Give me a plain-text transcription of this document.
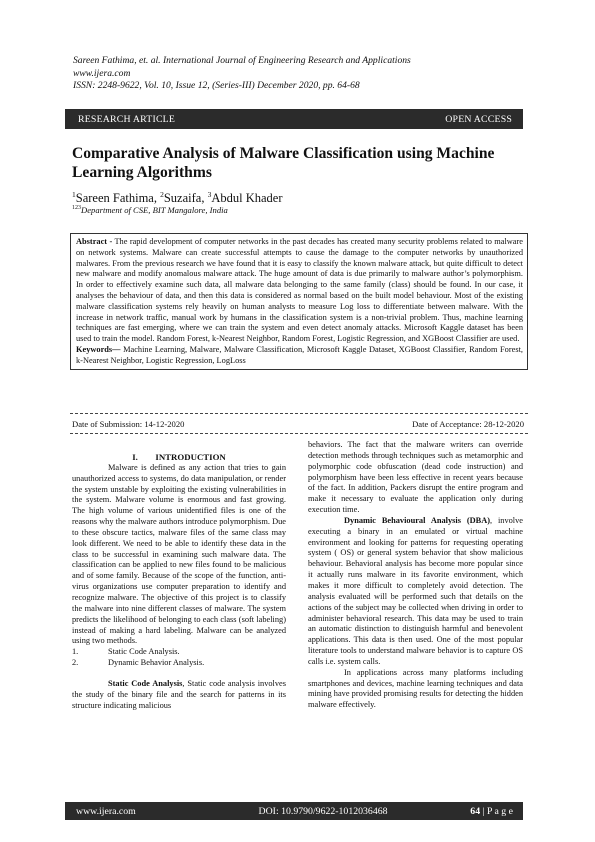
Sareen Fathima, et. al. International Journal of Engineering Research and Applications
www.ijera.com
ISSN: 2248-9622, Vol. 10, Issue 12, (Series-III) December 2020, pp. 64-68
RESEARCH ARTICLE	OPEN ACCESS
Comparative Analysis of Malware Classification using Machine Learning Algorithms
$^1$Sareen Fathima, $^2$Suzaifa, $^3$Abdul Khader
$^{123}$Department of CSE, BIT Mangalore, India
Abstract - The rapid development of computer networks in the past decades has created many security problems related to malware on network systems. Malware can create successful attempts to cause the damage to the computer networks by unauthorized malwares. From the previous research we have found that it is easy to classify the known malware attack, but quite difficult to detect new malware and modify anomalous malware attack. The huge amount of data is due primarily to malware author’s polymorphism. In order to effectively examine such data, all malware data belonging to the same family (class) should be found. In our case, it analyses the behaviour of data, and then this data is considered as normal based on the built model behaviour. Most of the existing malware classification systems rely heavily on human analysts to measure Log loss to differentiate between malware. With the increase in network traffic, manual work by humans in the classification system is a non-trivial problem. Thus, machine learning techniques are fast emerging, where we can train the system and even detect anomaly attacks. Microsoft Kaggle dataset has been used to train the model. Random Forest, k-Nearest Neighbor, Random Forest, Logistic Regression, and XGBoost Classifier are used.
Keywords— Machine Learning, Malware, Malware Classification, Microsoft Kaggle Dataset, XGBoost Classifier, Random Forest, k-Nearest Neighbor, Logistic Regression, LogLoss
Date of Submission: 14-12-2020	Date of Acceptance: 28-12-2020

I.        INTRODUCTION

Malware is defined as any action that tries to gain unauthorized access to systems, do data manipulation, or render the system unstable by exploiting the existing vulnerabilities in the system. Malware volume is enormous and fast growing. The high volume of various unidentified files is one of the reasons why the malware authors introduce polymorphism. Due to these obscure tactics, malware files of the same class may look different. We need to be able to identify these data in the class to be successful in examining such malware data. The classification can be applied to new files found to be malicious and of some family. Because of the scope of the function, anti-virus organizations use computer preparation to identify and recognize malware. The objective of this project is to classify the malware into nine different classes of malware. The system predicts the likelihood of belonging to each class (soft labeling) instead of making a hard labeling. Malware can be analyzed using two methods.

1.	Static Code Analysis.
2.	Dynamic Behavior Analysis.

Static Code Analysis, Static code analysis involves the study of the binary file and the search for patterns in its structure indicating malicious

behaviors. The fact that the malware writers can override detection methods through techniques such as metamorphic and polymorphic code obfuscation (dead code instruction) and polymorphism have been less effective in recent years because of the fact. In addition, Packers disrupt the entire program and make it necessary to evaluate the application only during execution time.

Dynamic Behavioural Analysis (DBA), involve executing a binary in an emulated or virtual machine environment and looking for patterns for requesting operating system ( OS) or general system behavior that show malicious behaviour. Behavioral analysis has become more popular since it actually runs malware in its favorite environment, which makes it more difficult to completely avoid detection. The analysis evaluated will be performed such that details on the actions of the subject may be collected when driving in order to administer behavioral research. This data may be used to train an automatic distinction to distinguish harmful and benevolent applications. This data is then used. One of the most popular literature tools to understand malware behavior is to capture OS calls i.e. system calls.

In applications across many platforms including smartphones and devices, machine learning techniques and data mining have provided promising results for detecting the hidden malware effectively.

www.ijera.com	DOI: 10.9790/9622-1012036468	64 | P a g e
